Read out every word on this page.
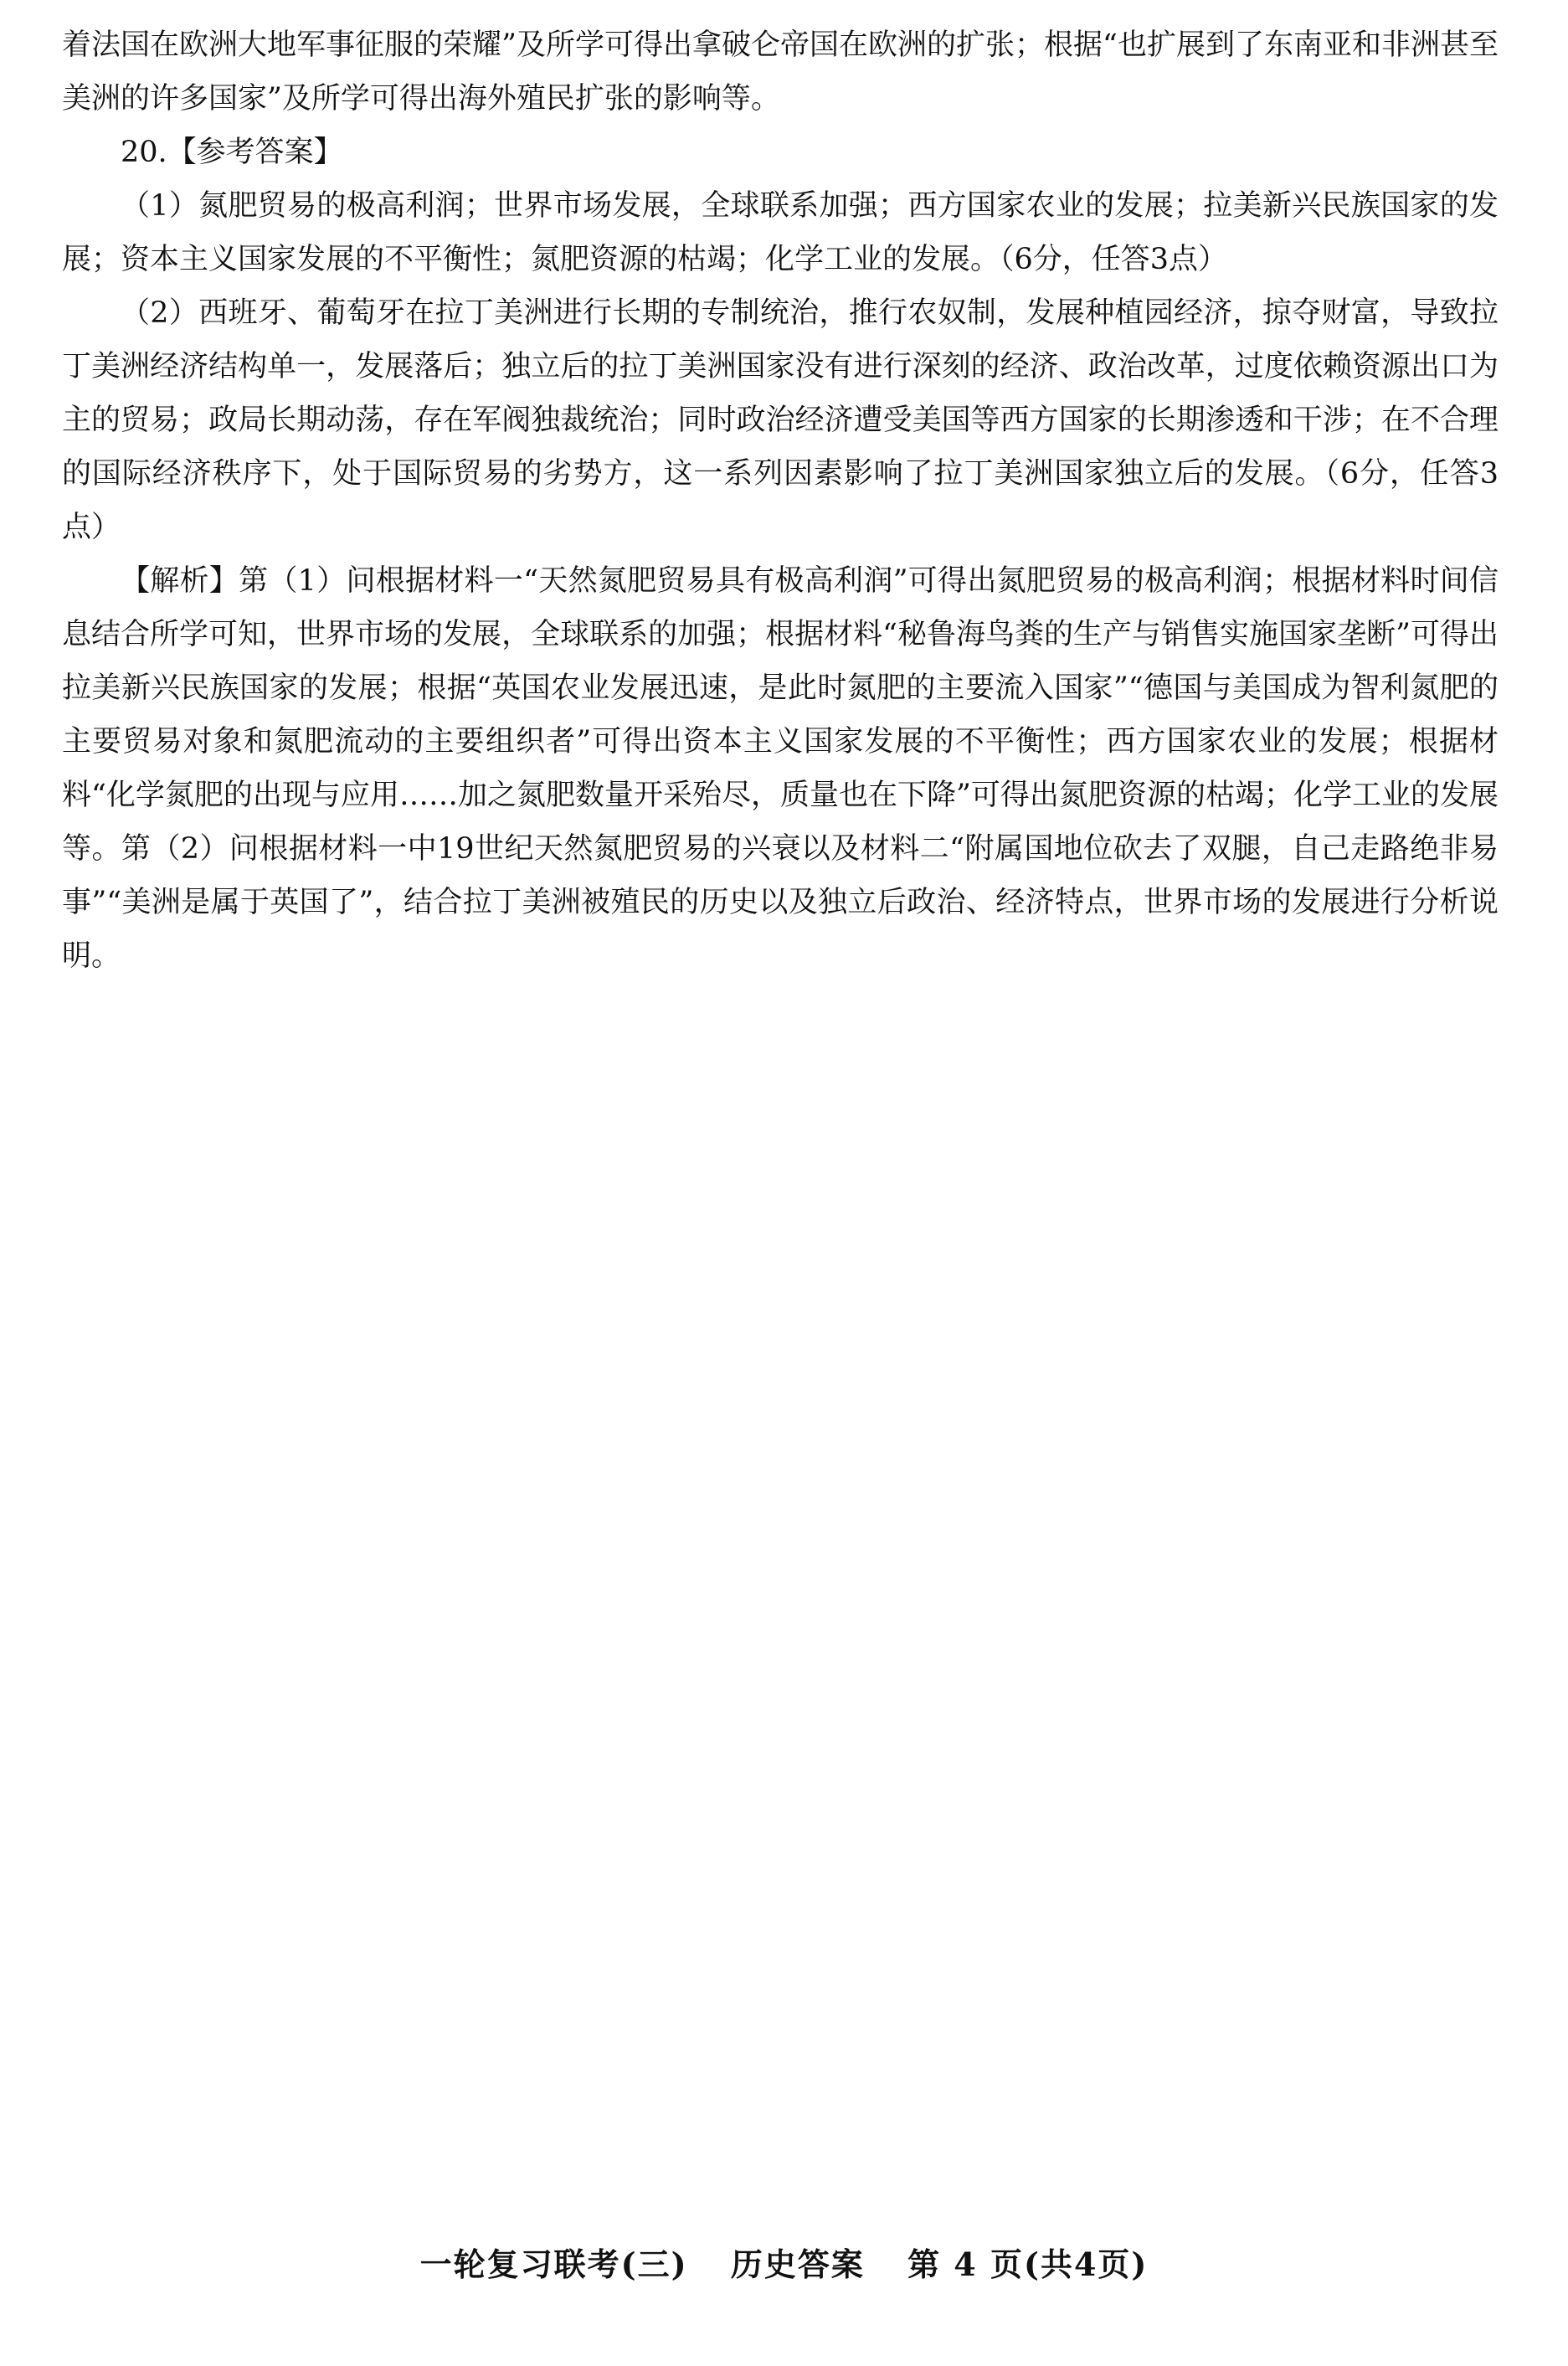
着法国在欧洲大地军事征服的荣耀”及所学可得出拿破仑帝国在欧洲的扩张；根据“也扩展到了东南亚和非洲甚至美洲的许多国家”及所学可得出海外殖民扩张的影响等。

20.【参考答案】

（1）氮肥贸易的极高利润；世界市场发展，全球联系加强；西方国家农业的发展；拉美新兴民族国家的发展；资本主义国家发展的不平衡性；氮肥资源的枯竭；化学工业的发展。（6分，任答3点）

（2）西班牙、葡萄牙在拉丁美洲进行长期的专制统治，推行农奴制，发展种植园经济，掠夺财富，导致拉丁美洲经济结构单一，发展落后；独立后的拉丁美洲国家没有进行深刻的经济、政治改革，过度依赖资源出口为主的贸易；政局长期动荡，存在军阀独裁统治；同时政治经济遭受美国等西方国家的长期渗透和干涉；在不合理的国际经济秩序下，处于国际贸易的劣势方，这一系列因素影响了拉丁美洲国家独立后的发展。（6分，任答3点）

【解析】第（1）问根据材料一“天然氮肥贸易具有极高利润”可得出氮肥贸易的极高利润；根据材料时间信息结合所学可知，世界市场的发展，全球联系的加强；根据材料“秘鲁海鸟粪的生产与销售实施国家垄断”可得出拉美新兴民族国家的发展；根据“英国农业发展迅速，是此时氮肥的主要流入国家”“德国与美国成为智利氮肥的主要贸易对象和氮肥流动的主要组织者”可得出资本主义国家发展的不平衡性；西方国家农业的发展；根据材料“化学氮肥的出现与应用……加之氮肥数量开采殆尽，质量也在下降”可得出氮肥资源的枯竭；化学工业的发展等。第（2）问根据材料一中19世纪天然氮肥贸易的兴衰以及材料二“附属国地位砍去了双腿，自己走路绝非易事”“美洲是属于英国了”，结合拉丁美洲被殖民的历史以及独立后政治、经济特点，世界市场的发展进行分析说明。

一轮复习联考(三) 历史答案 第 4 页(共4页)
